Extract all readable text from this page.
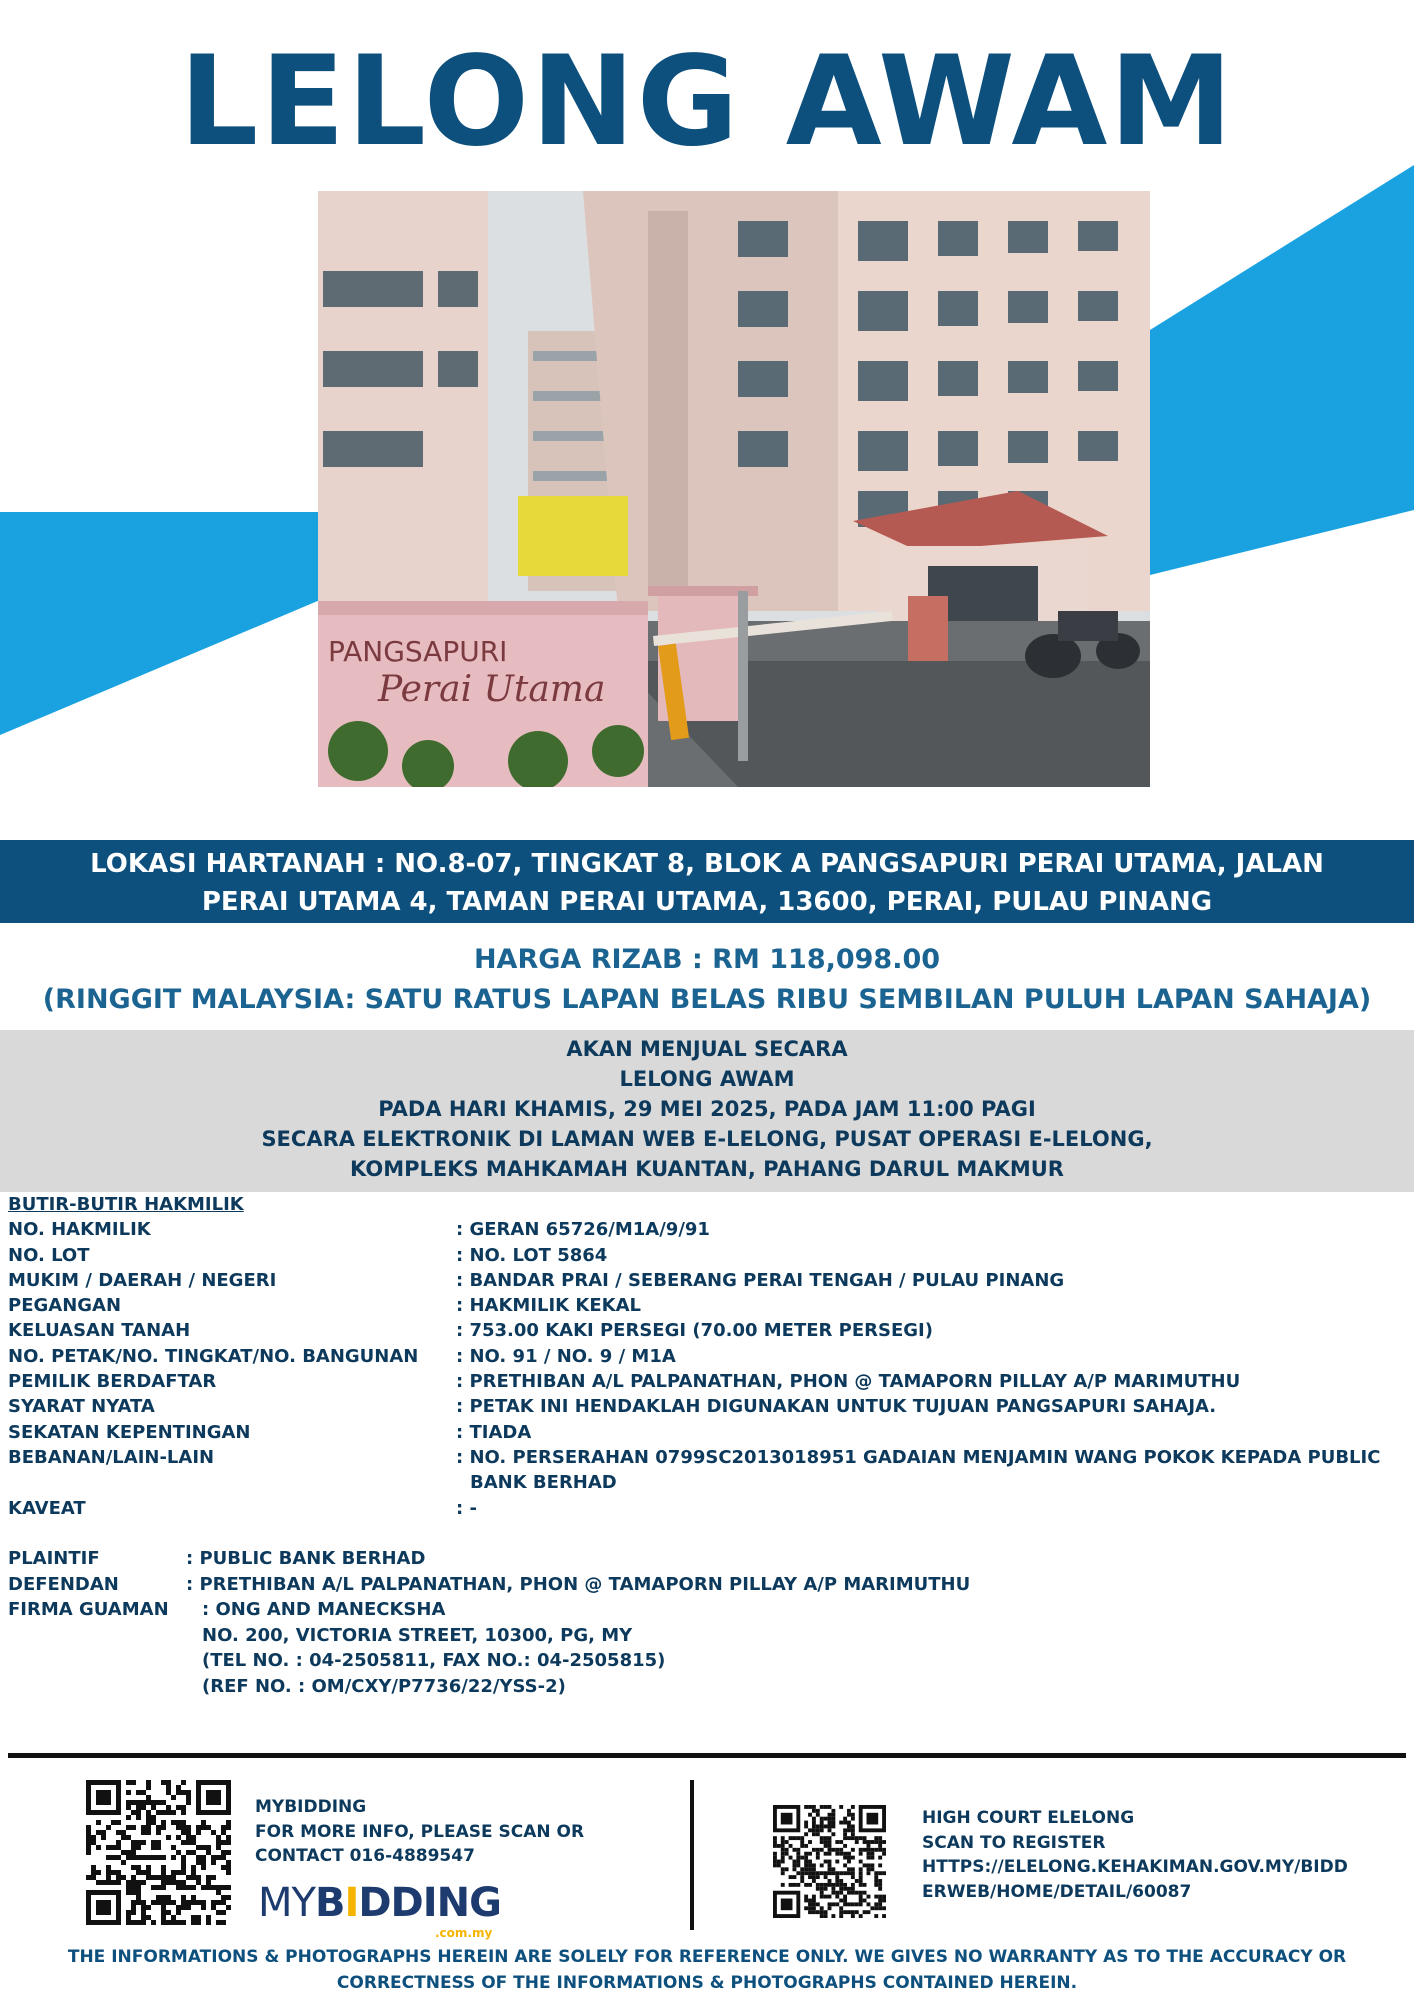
LELONG AWAM
PANGSAPURI
Perai Utama
LOKASI HARTANAH : NO.8-07, TINGKAT 8, BLOK A PANGSAPURI PERAI UTAMA, JALAN
PERAI UTAMA 4, TAMAN PERAI UTAMA, 13600, PERAI, PULAU PINANG
HARGA RIZAB : RM 118,098.00
(RINGGIT MALAYSIA: SATU RATUS LAPAN BELAS RIBU SEMBILAN PULUH LAPAN SAHAJA)
AKAN MENJUAL SECARA
LELONG AWAM
PADA HARI KHAMIS, 29 MEI 2025, PADA JAM 11:00 PAGI
SECARA ELEKTRONIK DI LAMAN WEB E-LELONG, PUSAT OPERASI E-LELONG,
KOMPLEKS MAHKAMAH KUANTAN, PAHANG DARUL MAKMUR
BUTIR-BUTIR HAKMILIK
NO. HAKMILIK	: GERAN 65726/M1A/9/91
NO. LOT	: NO. LOT 5864
MUKIM / DAERAH / NEGERI	: BANDAR PRAI / SEBERANG PERAI TENGAH / PULAU PINANG
PEGANGAN	: HAKMILIK KEKAL
KELUASAN TANAH	: 753.00 KAKI PERSEGI (70.00 METER PERSEGI)
NO. PETAK/NO. TINGKAT/NO. BANGUNAN : NO. 91 / NO. 9 / M1A
PEMILIK BERDAFTAR	: PRETHIBAN A/L PALPANATHAN, PHON @ TAMAPORN PILLAY A/P MARIMUTHU
SYARAT NYATA	: PETAK INI HENDAKLAH DIGUNAKAN UNTUK TUJUAN PANGSAPURI SAHAJA.
SEKATAN KEPENTINGAN	: TIADA
BEBANAN/LAIN-LAIN	: NO. PERSERAHAN 0799SC2013018951 GADAIAN MENJAMIN WANG POKOK KEPADA PUBLIC
BANK BERHAD
KAVEAT	: -
PLAINTIF	: PUBLIC BANK BERHAD
DEFENDAN	: PRETHIBAN A/L PALPANATHAN, PHON @ TAMAPORN PILLAY A/P MARIMUTHU
FIRMA GUAMAN : ONG AND MANECKSHA
NO. 200, VICTORIA STREET, 10300, PG, MY
(TEL NO. : 04-2505811, FAX NO.: 04-2505815)
(REF NO. : OM/CXY/P7736/22/YSS-2)
MYBIDDING
FOR MORE INFO, PLEASE SCAN OR
CONTACT 016-4889547
MYBIDDING
.com.my
HIGH COURT ELELONG
SCAN TO REGISTER
HTTPS://ELELONG.KEHAKIMAN.GOV.MY/BIDD
ERWEB/HOME/DETAIL/60087
THE INFORMATIONS & PHOTOGRAPHS HEREIN ARE SOLELY FOR REFERENCE ONLY. WE GIVES NO WARRANTY AS TO THE ACCURACY OR
CORRECTNESS OF THE INFORMATIONS & PHOTOGRAPHS CONTAINED HEREIN.
